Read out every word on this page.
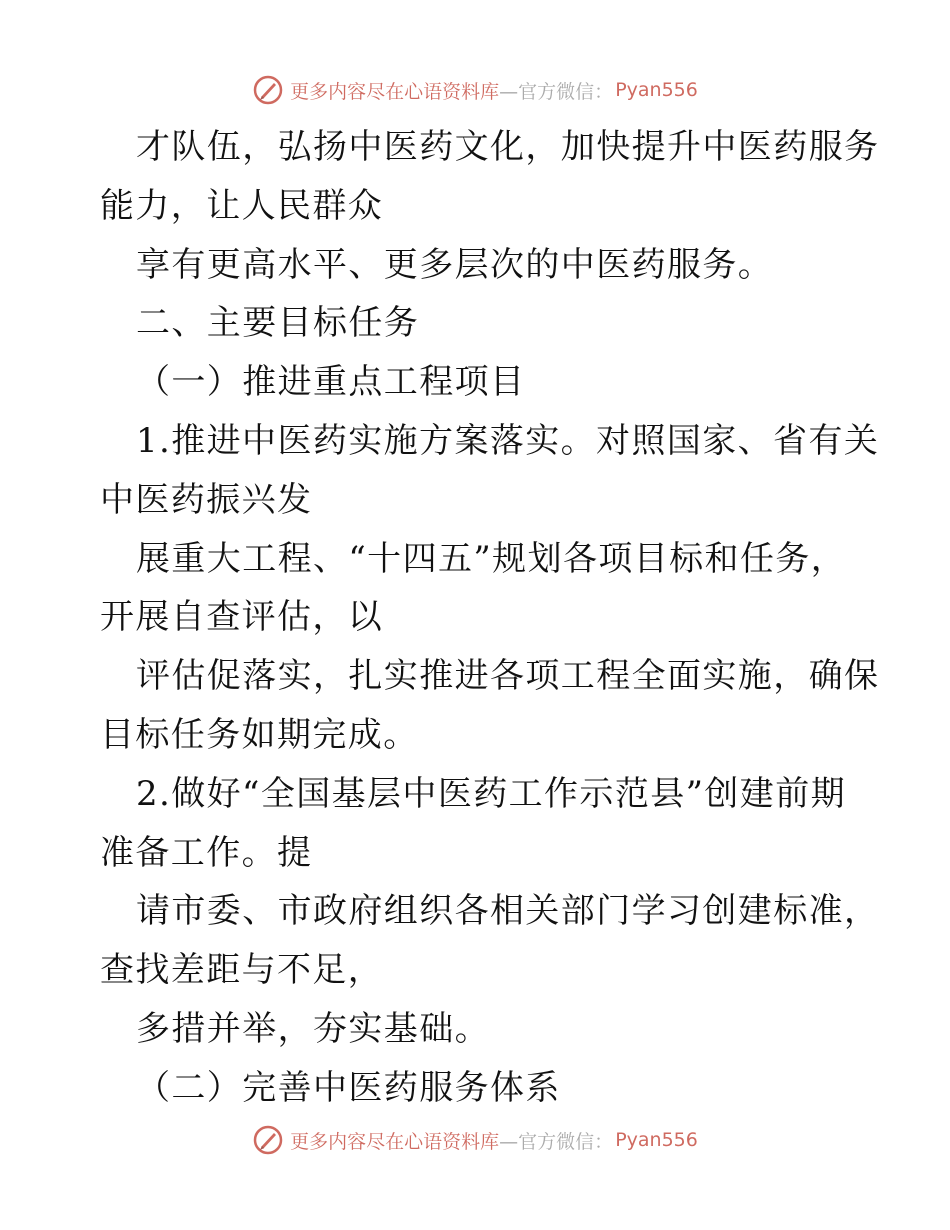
更多内容尽在心语资料库 —官方微信： Pyan556
才队伍，弘扬中医药文化，加快提升中医药服务
能力，让人民群众
享有更高水平、更多层次的中医药服务。
二、主要目标任务
（一）推进重点工程项目
1.推进中医药实施方案落实。对照国家、省有关
中医药振兴发
展重大工程、“十四五”规划各项目标和任务，
开展自查评估，以
评估促落实，扎实推进各项工程全面实施，确保
目标任务如期完成。
2.做好“全国基层中医药工作示范县”创建前期
准备工作。提
请市委、市政府组织各相关部门学习创建标准，
查找差距与不足，
多措并举，夯实基础。
（二）完善中医药服务体系
更多内容尽在心语资料库 —官方微信： Pyan556
